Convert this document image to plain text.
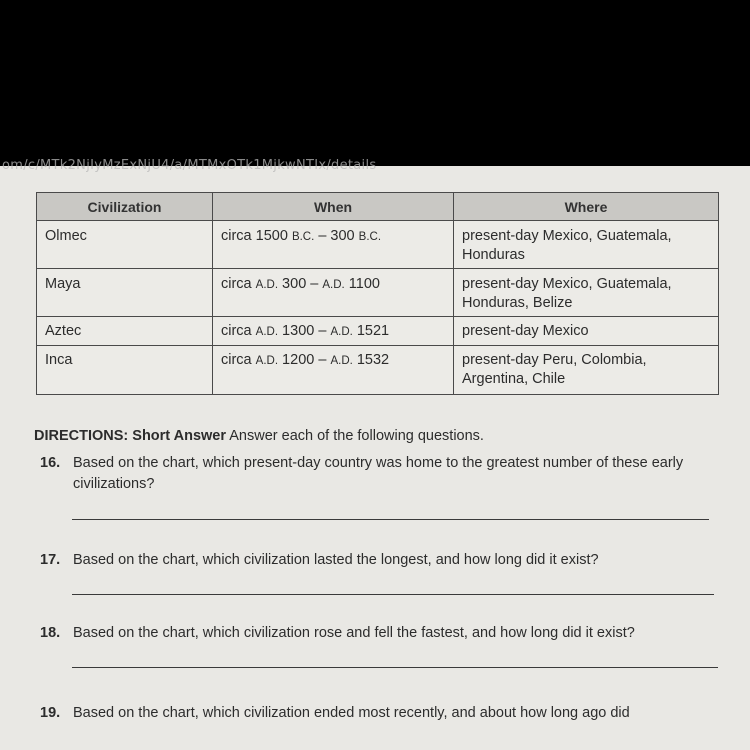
om/c/MTk2NjIyMzExNjU4/a/MTMxOTk1MjkwNTIx/details
Civilization	When	Where
Olmec	circa 1500 B.C. – 300 B.C.	present-day Mexico, Guatemala,
Honduras

Maya	circa A.D. 300 – A.D. 1100	present-day Mexico, Guatemala,
Honduras, Belize

Aztec	circa A.D. 1300 – A.D. 1521	present-day Mexico

Inca	circa A.D. 1200 – A.D. 1532	present-day Peru, Colombia,
Argentina, Chile
DIRECTIONS: Short Answer Answer each of the following questions.
16. Based on the chart, which present-day country was home to the greatest number of these early civilizations?
17. Based on the chart, which civilization lasted the longest, and how long did it exist?
18. Based on the chart, which civilization rose and fell the fastest, and how long did it exist?
19. Based on the chart, which civilization ended most recently, and about how long ago did
